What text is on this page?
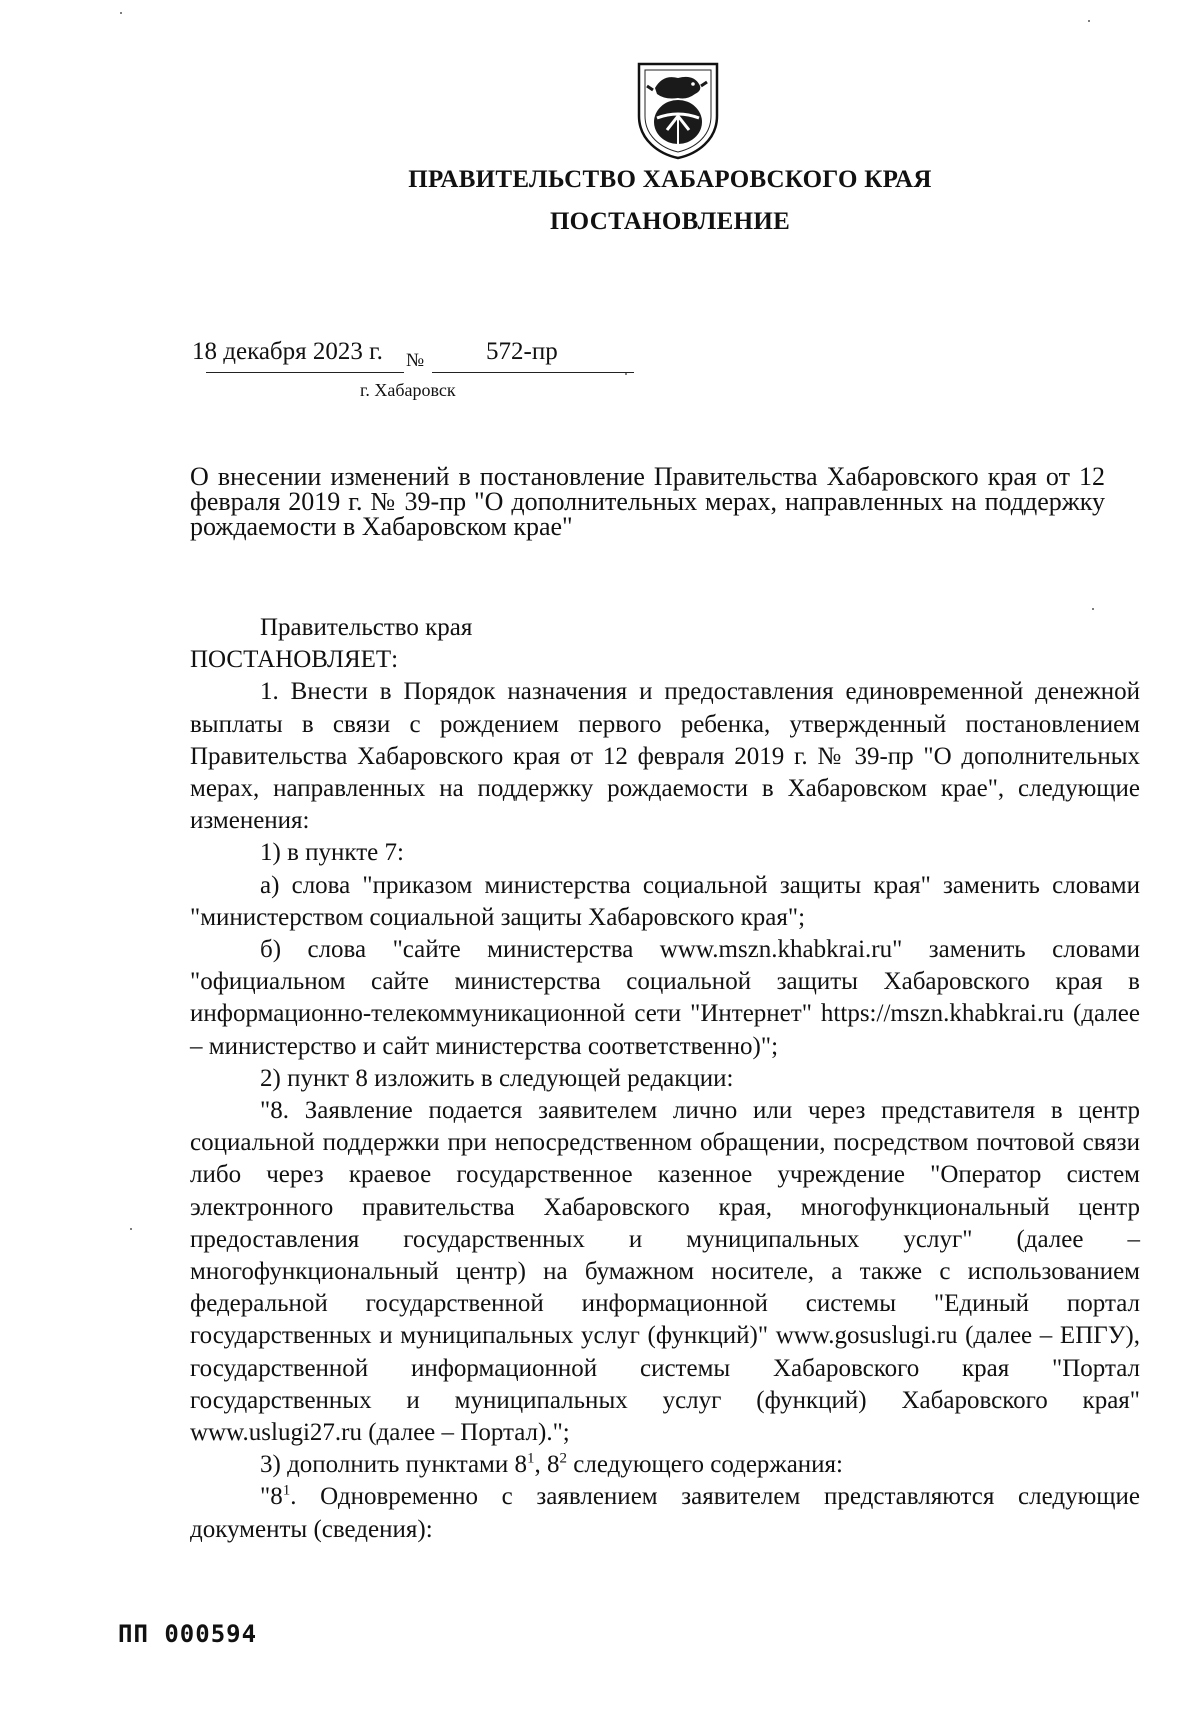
ПРАВИТЕЛЬСТВО ХАБАРОВСКОГО КРАЯ
ПОСТАНОВЛЕНИЕ
18 декабря 2023 г. № 572-пр
г. Хабаровск
О внесении изменений в постановление Правительства Хабаровского края от 12 февраля 2019 г. № 39-пр "О дополнительных мерах, направленных на поддержку рождаемости в Хабаровском крае"

Правительство края

ПОСТАНОВЛЯЕТ:

1. Внести в Порядок назначения и предоставления единовременной денежной выплаты в связи с рождением первого ребенка, утвержденный постановлением Правительства Хабаровского края от 12 февраля 2019 г. № 39-пр "О дополнительных мерах, направленных на поддержку рождаемости в Хабаровском крае", следующие изменения:

1) в пункте 7:

а) слова "приказом министерства социальной защиты края" заменить словами "министерством социальной защиты Хабаровского края";

б) слова "сайте министерства www.mszn.khabkrai.ru" заменить словами "официальном сайте министерства социальной защиты Хабаровского края в информационно-телекоммуникационной сети "Интернет" https://mszn.khabkrai.ru (далее – министерство и сайт министерства соответственно)";

2) пункт 8 изложить в следующей редакции:

"8. Заявление подается заявителем лично или через представителя в центр социальной поддержки при непосредственном обращении, посредством почтовой связи либо через краевое государственное казенное учреждение "Оператор систем электронного правительства Хабаровского края, многофункциональный центр предоставления государственных и муниципальных услуг" (далее – многофункциональный центр) на бумажном носителе, а также с использованием федеральной государственной информационной системы "Единый портал государственных и муниципальных услуг (функций)" www.gosuslugi.ru (далее – ЕПГУ), государственной информационной системы Хабаровского края "Портал государственных и муниципальных услуг (функций) Хабаровского края" www.uslugi27.ru (далее – Портал).";

3) дополнить пунктами $8^1$, $8^2$ следующего содержания:

"$8^1$. Одновременно с заявлением заявителем представляются следующие документы (сведения):

ПП 000594
